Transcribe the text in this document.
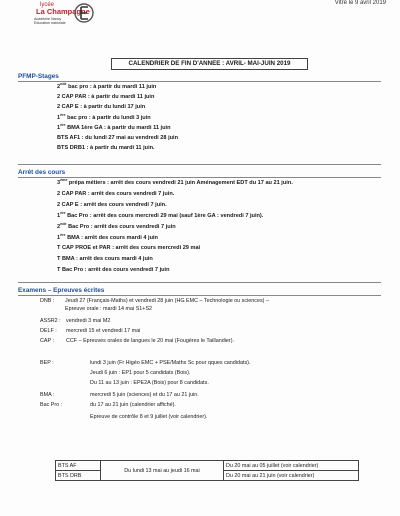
lycée
La Champagne
Académie Nancy Education nationale
Vitré le 9 avril 2019
CALENDRIER DE FIN D'ANNEE : AVRIL- MAI-JUIN 2019
PFMP-Stages
2nde bac pro : à partir du mardi 11 juin
2 CAP PAR : à partir du mardi 11 juin
2 CAP E : à partir du lundi 17 juin
1ère bac pro : à partir du lundi 3 juin
1ère BMA 1ère GA : à partir du mardi 11 juin
BTS AF1 : du lundi 27 mai au vendredi 28 juin
BTS DRB1 : à partir du mardi 11 juin.
Arrêt des cours
3ème prépa métiers : arrêt des cours vendredi 21 juin Aménagement EDT du 17 au 21 juin.
2 CAP PAR : arrêt des cours vendredi 7 juin.
2 CAP E : arrêt des cours vendredi 7 juin.
1ère Bac Pro : arrêt des cours mercredi 29 mai (sauf 1ère GA : vendredi 7 juin).
2nde Bac Pro : arrêt des cours vendredi 7 juin
1ère BMA : arrêt des cours mardi 4 juin
T CAP PROE et PAR : arrêt des cours mercredi 29 mai
T BMA : arrêt des cours mardi 4 juin
T Bac Pro : arrêt des cours vendredi 7 juin
Examens – Epreuves écrites
DNB : Jeudi 27 (Français-Maths) et vendredi 28 juin (HG EMC – Technologie ou sciences) –
Epreuve orale : mardi 14 mai S1+S2
ASSR2 : vendredi 3 mai M2
DELF : mercredi 15 et vendredi 17 mai
CAP : CCF – Epreuves orales de langues le 20 mai (Fougères le Taillandier).
BEP :	lundi 3 juin (Fr Higéo EMC + PSE/Maths Sc pour qques candidats).
Jeudi 6 juin : EP1 pour 5 candidats (Bois).
Du 11 au 13 juin : EPE2A (Bois) pour 8 candidats.
BMA :	mercredi 5 juin (sciences) et du 17 au 21 juin.
Bac Pro :	du 17 au 21 juin (calendrier affiché).
Epreuve de contrôle 8 et 9 juillet (voir calendrier).
BTS AF	Du lundi 13 mai au jeudi 16 mai	Du 20 mai au 05 juillet (voir calendrier)
BTS DRB		Du 20 mai au 21 juin (voir calendrier)
